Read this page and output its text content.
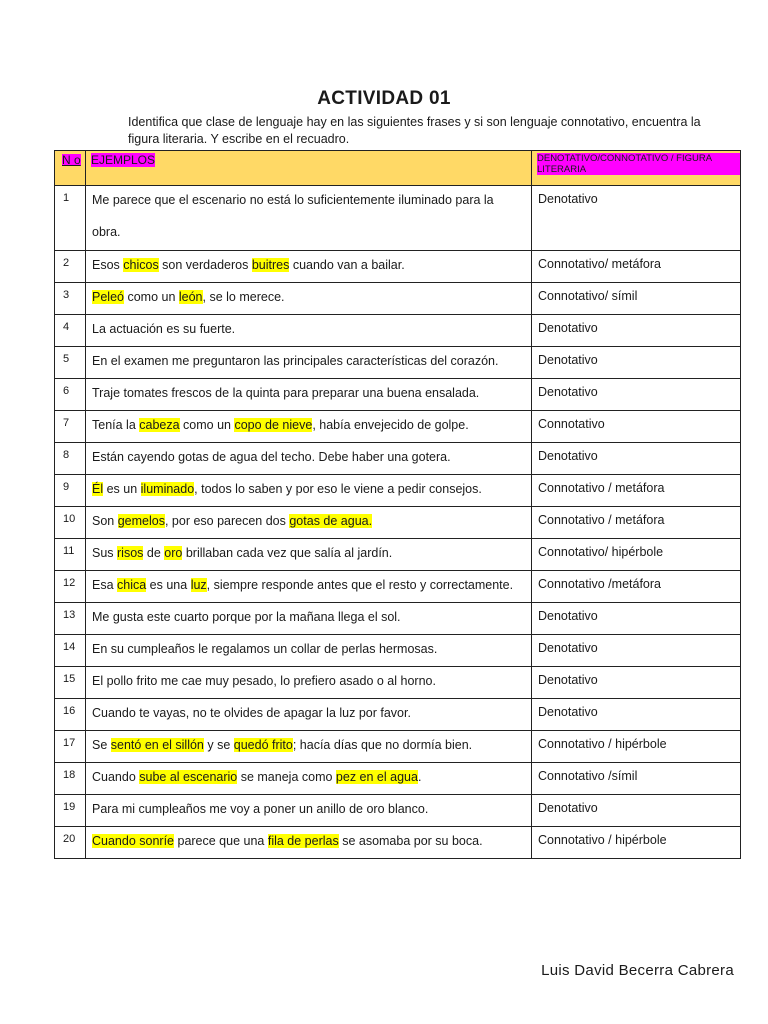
ACTIVIDAD 01
Identifica que clase de lenguaje hay en las siguientes frases y si son lenguaje connotativo, encuentra la figura literaria. Y escribe en el recuadro.
N o	EJEMPLOS	DENOTATIVO/CONNOTATIVO / FIGURA LITERARIA

1	Me parece que el escenario no está lo suficientemente iluminado para la obra.	Denotativo

2	Esos chicos son verdaderos buitres cuando van a bailar.	Connotativo/ metáfora

3	Peleó como un león, se lo merece.	Connotativo/ símil

4	La actuación es su fuerte.	Denotativo

5	En el examen me preguntaron las principales características del corazón.	Denotativo

6	Traje tomates frescos de la quinta para preparar una buena ensalada.	Denotativo

7	Tenía la cabeza como un copo de nieve, había envejecido de golpe.	Connotativo

8	Están cayendo gotas de agua del techo. Debe haber una gotera.	Denotativo

9	Él es un iluminado, todos lo saben y por eso le viene a pedir consejos.	Connotativo / metáfora

10	Son gemelos, por eso parecen dos gotas de agua.	Connotativo / metáfora

11	Sus risos de oro brillaban cada vez que salía al jardín.	Connotativo/ hipérbole

12	Esa chica es una luz, siempre responde antes que el resto y correctamente.	Connotativo /metáfora

13	Me gusta este cuarto porque por la mañana llega el sol.	Denotativo

14	En su cumpleaños le regalamos un collar de perlas hermosas.	Denotativo

15	El pollo frito me cae muy pesado, lo prefiero asado o al horno.	Denotativo

16	Cuando te vayas, no te olvides de apagar la luz por favor.	Denotativo

17	Se sentó en el sillón y se quedó frito; hacía días que no dormía bien.	Connotativo / hipérbole

18	Cuando sube al escenario se maneja como pez en el agua.	Connotativo /símil

19	Para mi cumpleaños me voy a poner un anillo de oro blanco.	Denotativo

20	Cuando sonríe parece que una fila de perlas se asomaba por su boca.	Connotativo / hipérbole
Luis David Becerra Cabrera
